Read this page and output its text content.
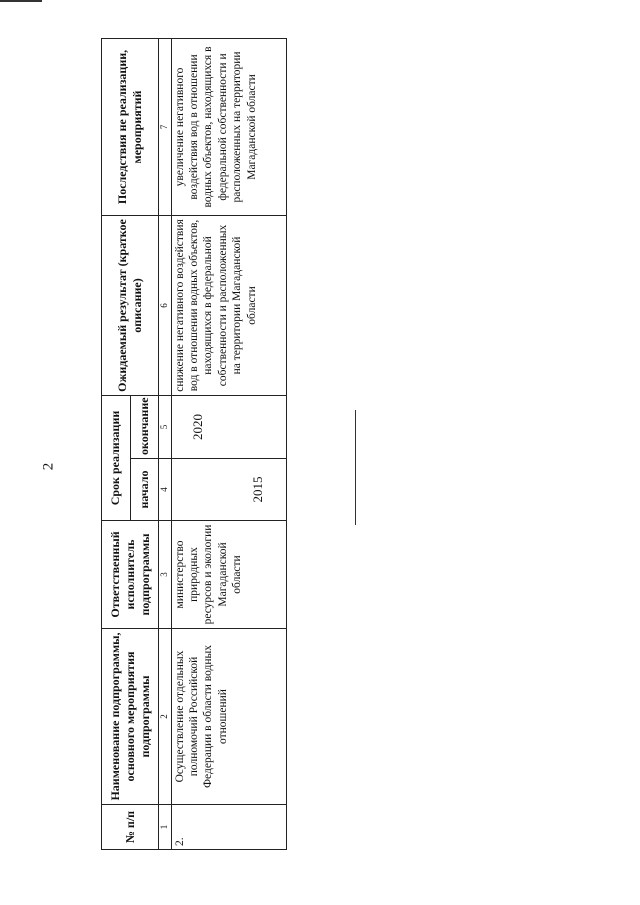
2
№ п/п	Наименование подпрограммы, основного мероприятия подпрограммы	Ответственный исполнитель подпрограммы	Срок реализации		Ожидаемый результат (краткое описание)	Последствия не реализации, мероприятий
			начало	окончание		
1	2	3	4	5	6	7
2.	Осуществление отдельных полномочий Российской Федерации в области водных отношений	министерство природных ресурсов и экологии Магаданской области	2015	2020	снижение негативного воздействия вод в отношении водных объектов, находящихся в федеральной собственности и расположенных на территории Магаданской области	увеличение негативного воздействия вод в отношении водных объектов, находящихся в федеральной собственности и расположенных на территории Магаданской области
